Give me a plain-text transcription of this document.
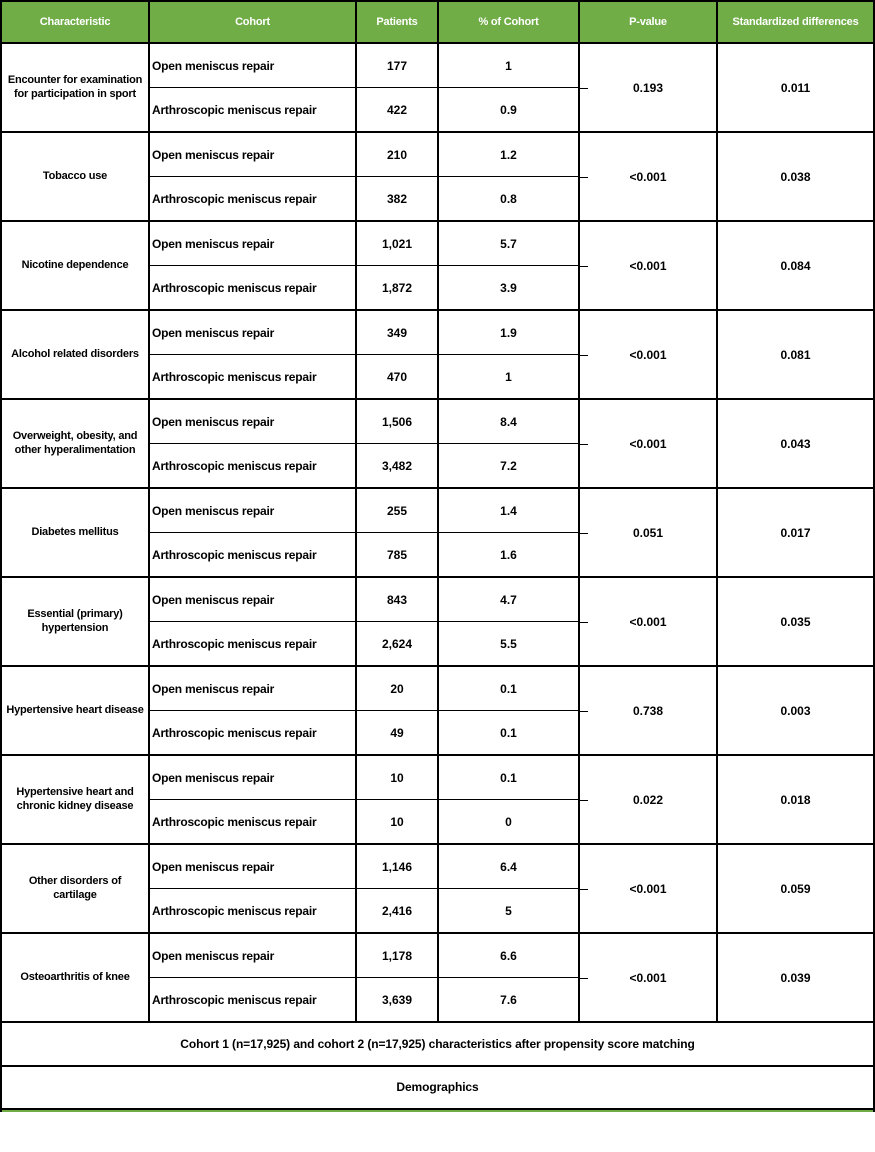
Characteristic	Cohort	Patients	% of Cohort	P-value	Standardized differences
Encounter for examination for participation in sport	Open meniscus repair	177	1	0.193	0.011
	Arthroscopic meniscus repair	422	0.9		
Tobacco use	Open meniscus repair	210	1.2	<0.001	0.038
	Arthroscopic meniscus repair	382	0.8		
Nicotine dependence	Open meniscus repair	1,021	5.7	<0.001	0.084
	Arthroscopic meniscus repair	1,872	3.9		
Alcohol related disorders	Open meniscus repair	349	1.9	<0.001	0.081
	Arthroscopic meniscus repair	470	1		
Overweight, obesity, and other hyperalimentation	Open meniscus repair	1,506	8.4	<0.001	0.043
	Arthroscopic meniscus repair	3,482	7.2		
Diabetes mellitus	Open meniscus repair	255	1.4	0.051	0.017
	Arthroscopic meniscus repair	785	1.6		
Essential (primary) hypertension	Open meniscus repair	843	4.7	<0.001	0.035
	Arthroscopic meniscus repair	2,624	5.5		
Hypertensive heart disease	Open meniscus repair	20	0.1	0.738	0.003
	Arthroscopic meniscus repair	49	0.1		
Hypertensive heart and chronic kidney disease	Open meniscus repair	10	0.1	0.022	0.018
	Arthroscopic meniscus repair	10	0		
Other disorders of cartilage	Open meniscus repair	1,146	6.4	<0.001	0.059
	Arthroscopic meniscus repair	2,416	5		
Osteoarthritis of knee	Open meniscus repair	1,178	6.6	<0.001	0.039
	Arthroscopic meniscus repair	3,639	7.6		
Cohort 1 (n=17,925) and cohort 2 (n=17,925) characteristics after propensity score matching					
Demographics					
